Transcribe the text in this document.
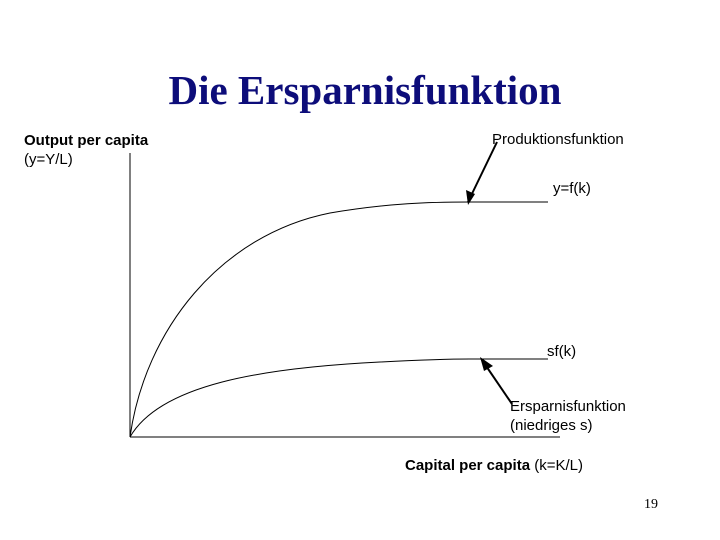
Die Ersparnisfunktion
Output per capita
(y=Y/L)
Produktionsfunktion
y=f(k)
sf(k)
Ersparnisfunktion
(niedriges s)
Capital per capita (k=K/L)
19
